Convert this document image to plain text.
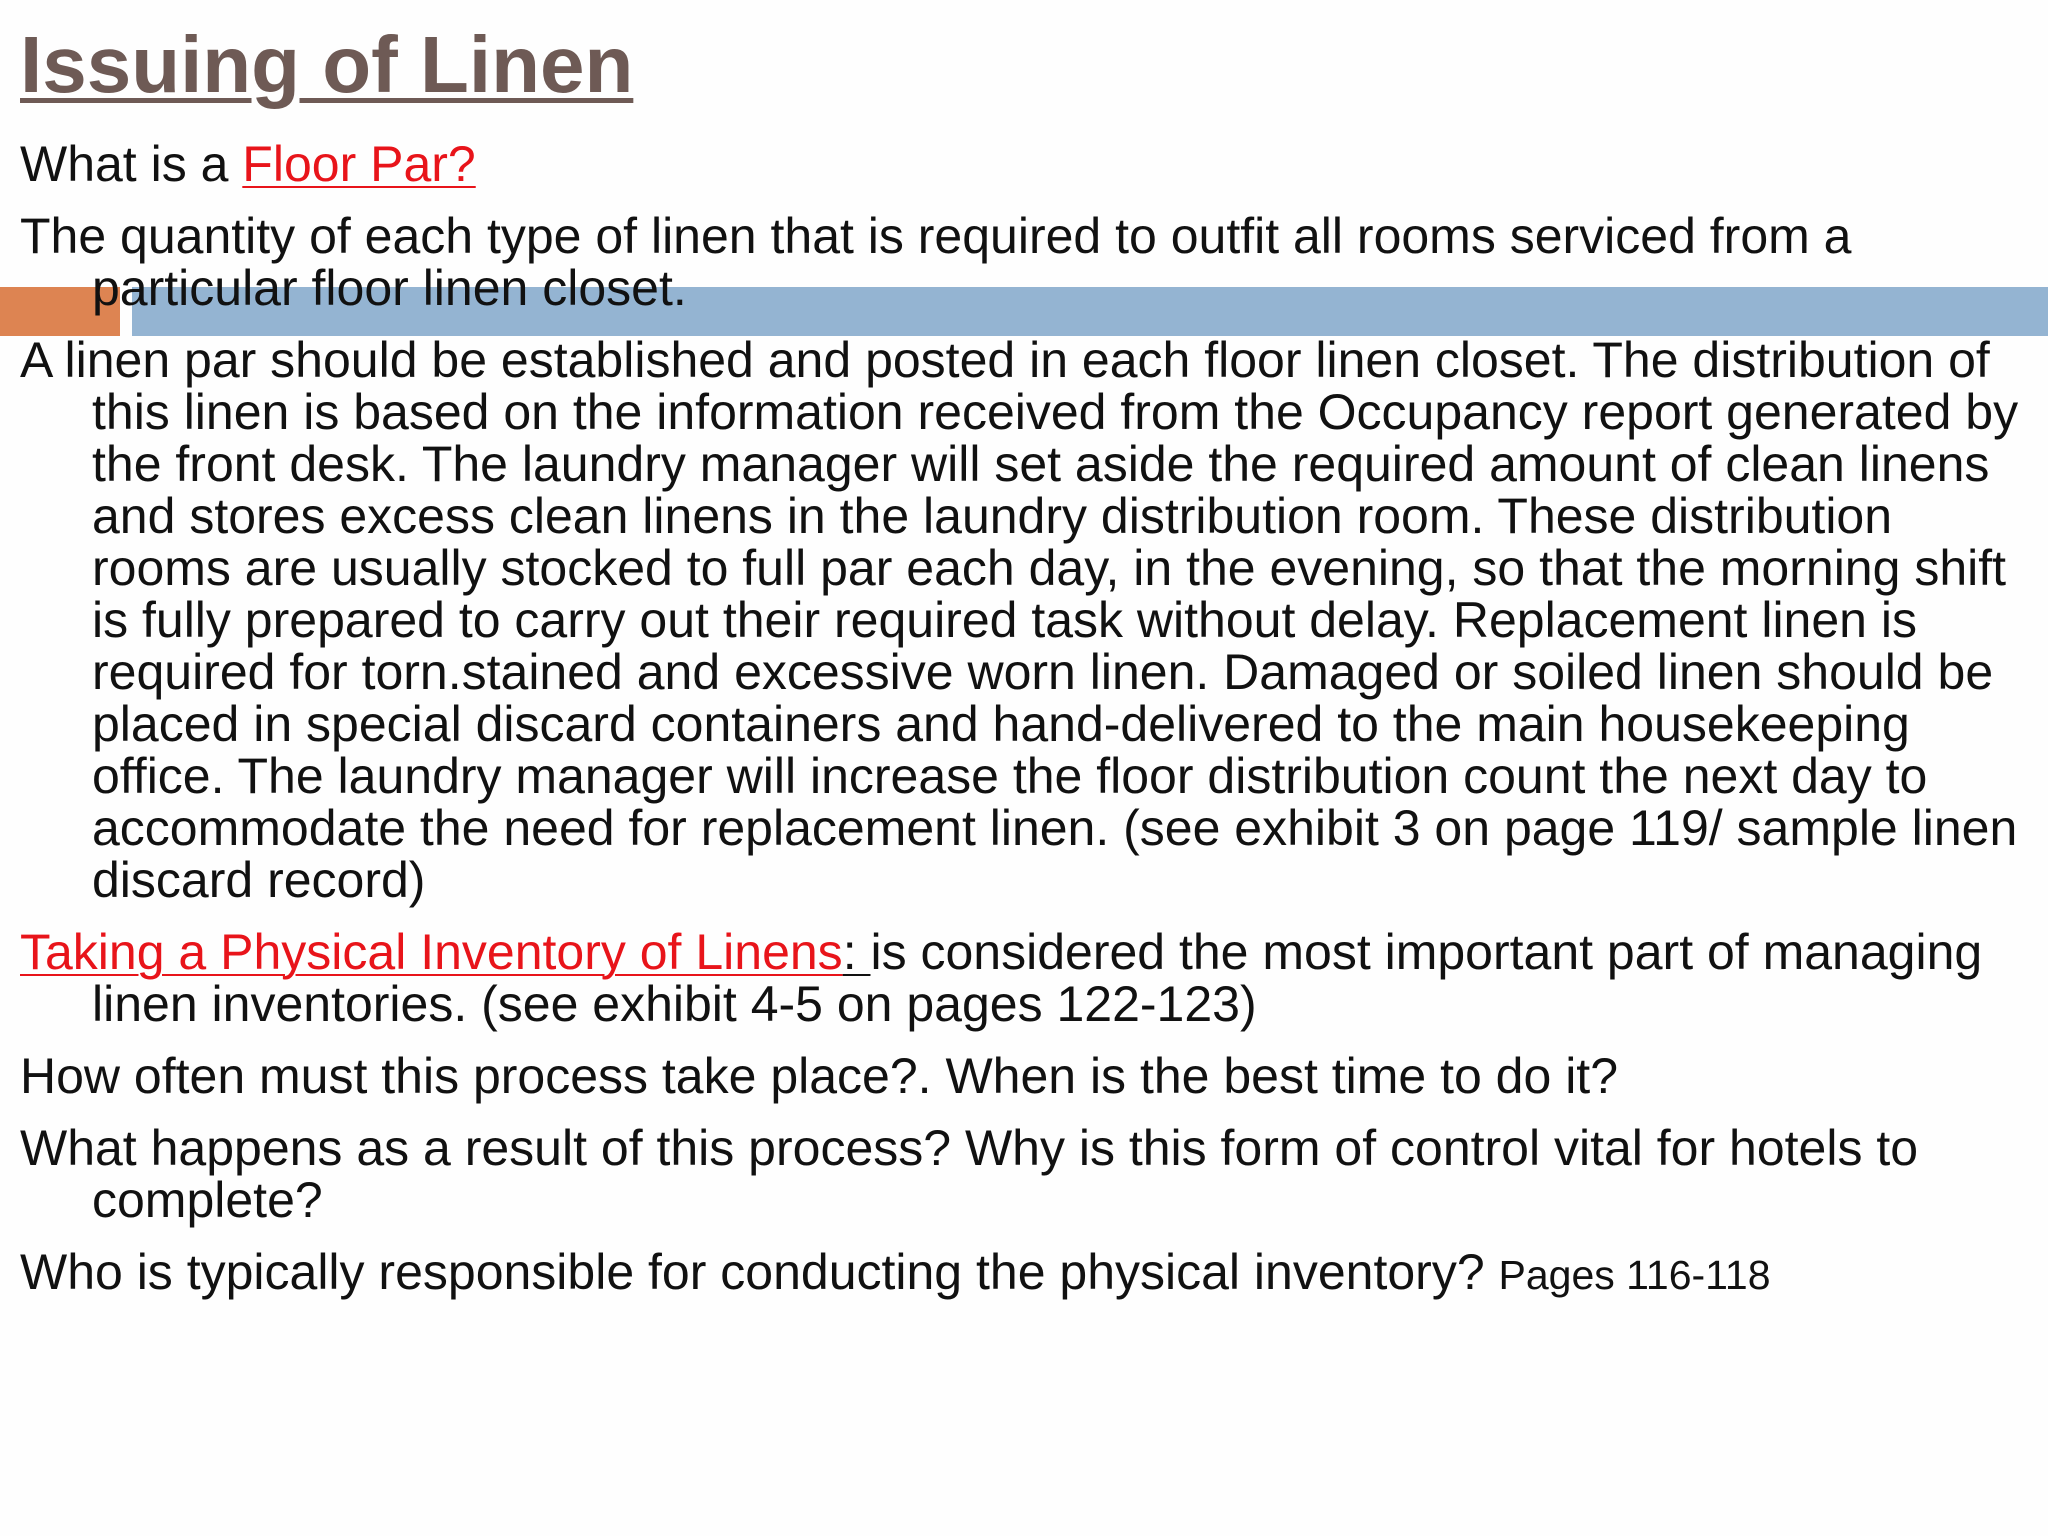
Issuing of Linen

What is a Floor Par?

The quantity of each type of linen that is required to outfit all rooms serviced from a particular floor linen closet.

A linen par should be established and posted in each floor linen closet. The distribution of this linen is based on the information received from the Occupancy report generated by the front desk. The laundry manager will set aside the required amount of clean linens and stores excess clean linens in the laundry distribution room. These distribution rooms are usually stocked to full par each day, in the evening, so that the morning shift is fully prepared to carry out their required task without delay. Replacement linen is required for torn.stained and excessive worn linen. Damaged or soiled linen should be placed in special discard containers and hand-delivered to the main housekeeping office. The laundry manager will increase the floor distribution count the next day to accommodate the need for replacement linen. (see exhibit 3 on page 119/ sample linen discard record)

Taking a Physical Inventory of Linens: is considered the most important part of managing linen inventories. (see exhibit 4-5 on pages 122-123)

How often must this process take place?. When is the best time to do it?

What happens as a result of this process? Why is this form of control vital for hotels to complete?

Who is typically responsible for conducting the physical inventory? Pages 116-118
